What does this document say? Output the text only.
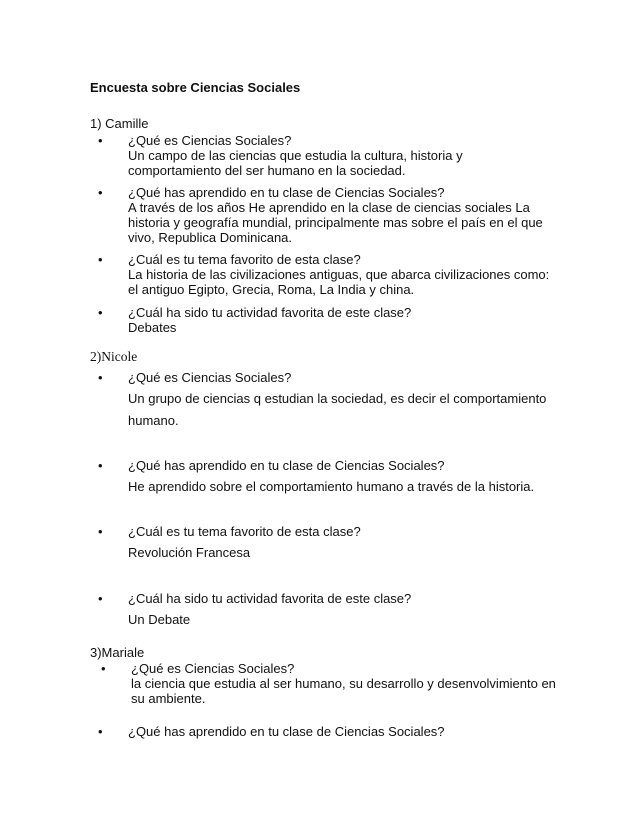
Encuesta sobre Ciencias Sociales
1) Camille
• ¿Qué es Ciencias Sociales?
Un campo de las ciencias que estudia la cultura, historia y comportamiento del ser humano en la sociedad.
• ¿Qué has aprendido en tu clase de Ciencias Sociales?
A través de los años He aprendido en la clase de ciencias sociales La historia y geografía mundial, principalmente mas sobre el país en el que vivo, Republica Dominicana.
• ¿Cuál es tu tema favorito de esta clase?
La historia de las civilizaciones antiguas, que abarca civilizaciones como: el antiguo Egipto, Grecia, Roma, La India y china.
• ¿Cuál ha sido tu actividad favorita de este clase?
Debates
2)Nicole
• ¿Qué es Ciencias Sociales?
Un grupo de ciencias q estudian la sociedad, es decir el comportamiento humano.
• ¿Qué has aprendido en tu clase de Ciencias Sociales?
He aprendido sobre el comportamiento humano a través de la historia.
• ¿Cuál es tu tema favorito de esta clase?
Revolución Francesa
• ¿Cuál ha sido tu actividad favorita de este clase?
Un Debate
3)Mariale
• ¿Qué es Ciencias Sociales?
la ciencia que estudia al ser humano, su desarrollo y desenvolvimiento en su ambiente.
• ¿Qué has aprendido en tu clase de Ciencias Sociales?
